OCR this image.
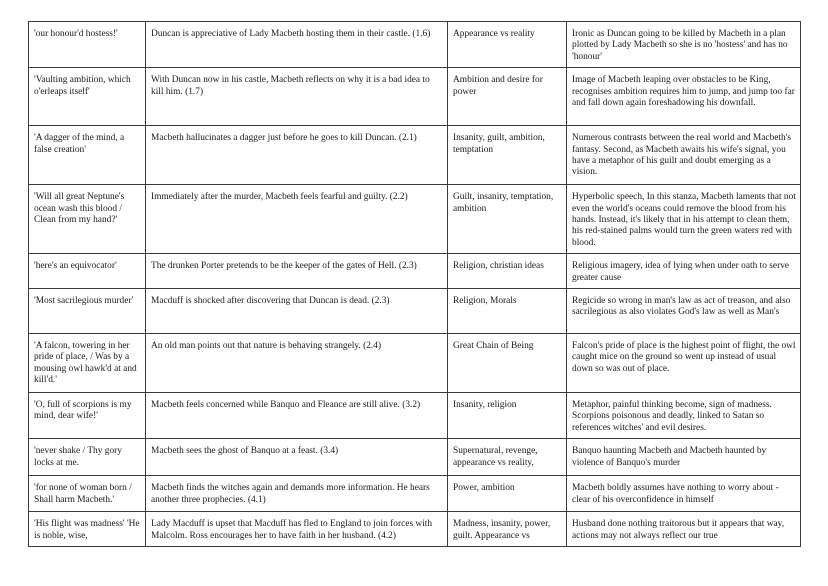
'our honour'd hostess!'	Duncan is appreciative of Lady Macbeth hosting them in their castle. (1.6)	Appearance vs reality	Ironic as Duncan going to be killed by Macbeth in a plan plotted by Lady Macbeth so she is no 'hostess' and has no 'honour'
'Vaulting ambition, which o'erleaps itself'	With Duncan now in his castle, Macbeth reflects on why it is a bad idea to kill him. (1.7)	Ambition and desire for power	Image of Macbeth leaping over obstacles to be King, recognises ambition requires him to jump, and jump too far and fall down again foreshadowing his downfall.
'A dagger of the mind, a false creation'	Macbeth hallucinates a dagger just before he goes to kill Duncan. (2.1)	Insanity, guilt, ambition, temptation	Numerous contrasts between the real world and Macbeth's fantasy. Second, as Macbeth awaits his wife's signal, you have a metaphor of his guilt and doubt emerging as a vision.
'Will all great Neptune's ocean wash this blood / Clean from my hand?'	Immediately after the murder, Macbeth feels fearful and guilty. (2.2)	Guilt, insanity, temptation, ambition	Hyperbolic speech, In this stanza, Macbeth laments that not even the world's oceans could remove the blood from his hands. Instead, it's likely that in his attempt to clean them, his red-stained palms would turn the green waters red with blood.
'here's an equivocator'	The drunken Porter pretends to be the keeper of the gates of Hell. (2.3)	Religion, christian ideas	Religious imagery, idea of lying when under oath to serve greater cause
'Most sacrilegious murder'	Macduff is shocked after discovering that Duncan is dead. (2.3)	Religion, Morals	Regicide so wrong in man's law as act of treason, and also sacrilegious as also violates God's law as well as Man's
'A falcon, towering in her pride of place, / Was by a mousing owl hawk'd at and kill'd.'	An old man points out that nature is behaving strangely. (2.4)	Great Chain of Being	Falcon's pride of place is the highest point of flight, the owl caught mice on the ground so went up instead of usual down so was out of place.
'O, full of scorpions is my mind, dear wife!'	Macbeth feels concerned while Banquo and Fleance are still alive. (3.2)	Insanity, religion	Metaphor, painful thinking become, sign of madness. Scorpions poisonous and deadly, linked to Satan so references witches' and evil desires.
'never shake / Thy gory locks at me.	Macbeth sees the ghost of Banquo at a feast. (3.4)	Supernatural, revenge, appearance vs reality,	Banquo haunting Macbeth and Macbeth haunted by violence of Banquo's murder
'for none of woman born / Shall harm Macbeth.'	Macbeth finds the witches again and demands more information. He hears another three prophecies. (4.1)	Power, ambition	Macbeth boldly assumes have nothing to worry about - clear of his overconfidence in himself
'His flight was madness' 'He is noble, wise,	Lady Macduff is upset that Macduff has fled to England to join forces with Malcolm. Ross encourages her to have faith in her husband. (4.2)	Madness, insanity, power, guilt. Appearance vs	Husband done nothing traitorous but it appears that way, actions may not always reflect our true
